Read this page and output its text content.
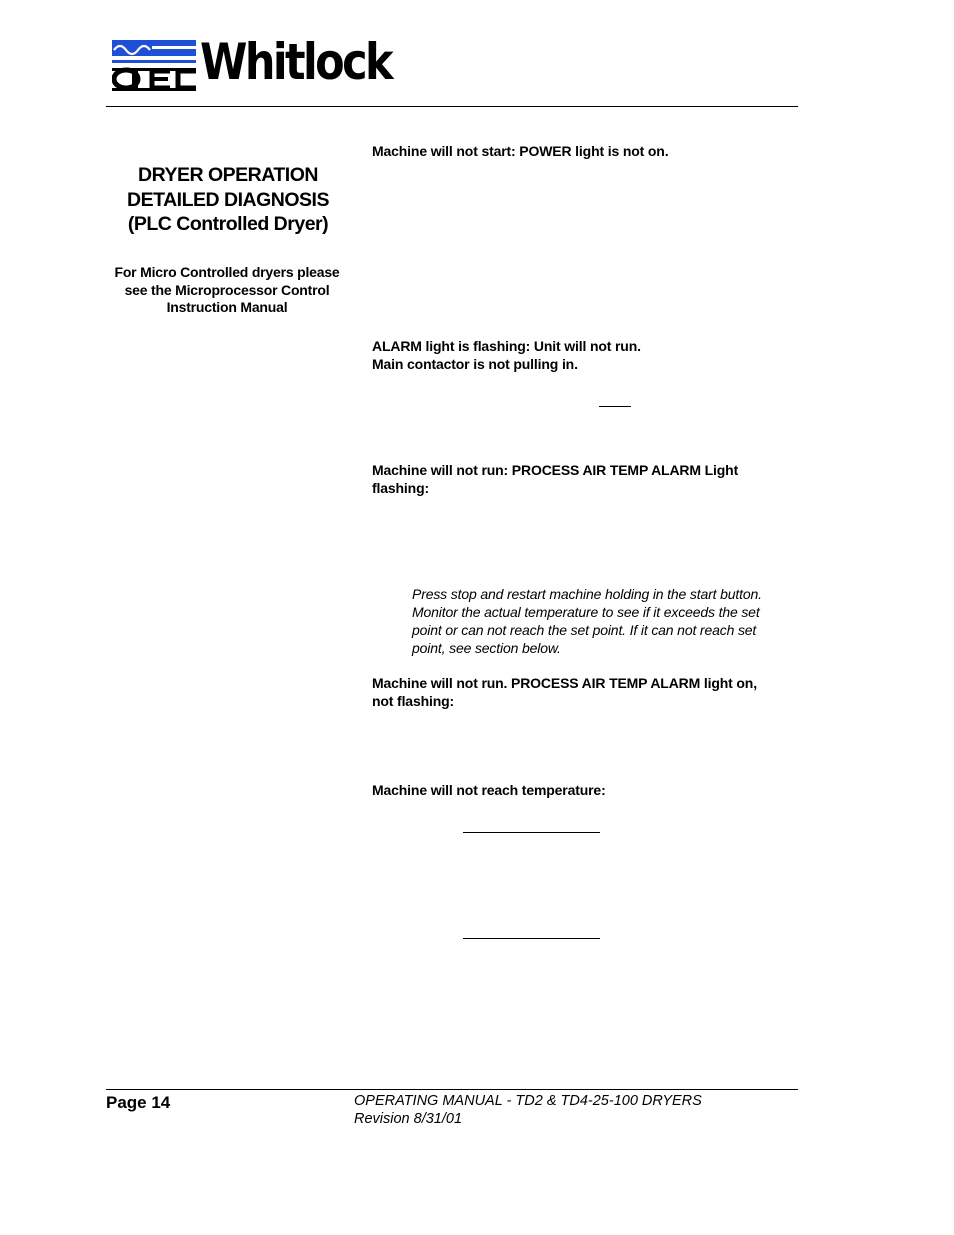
Whitlock
DRYER OPERATION
DETAILED DIAGNOSIS
(PLC Controlled Dryer)
For Micro Controlled dryers please
see the Microprocessor Control
Instruction Manual
Machine will not start: POWER light is not on.
ALARM light is flashing: Unit will not run.
Main contactor is not pulling in.
Machine will not run: PROCESS AIR TEMP ALARM Light
flashing:
Press stop and restart machine holding in the start button.
Monitor the actual temperature to see if it exceeds the set
point or can not reach the set point. If it can not reach set
point, see section below.
Machine will not run. PROCESS AIR TEMP ALARM light on,
not flashing:
Machine will not reach temperature:
Page 14	OPERATING MANUAL - TD2 & TD4-25-100 DRYERS
Revision 8/31/01
